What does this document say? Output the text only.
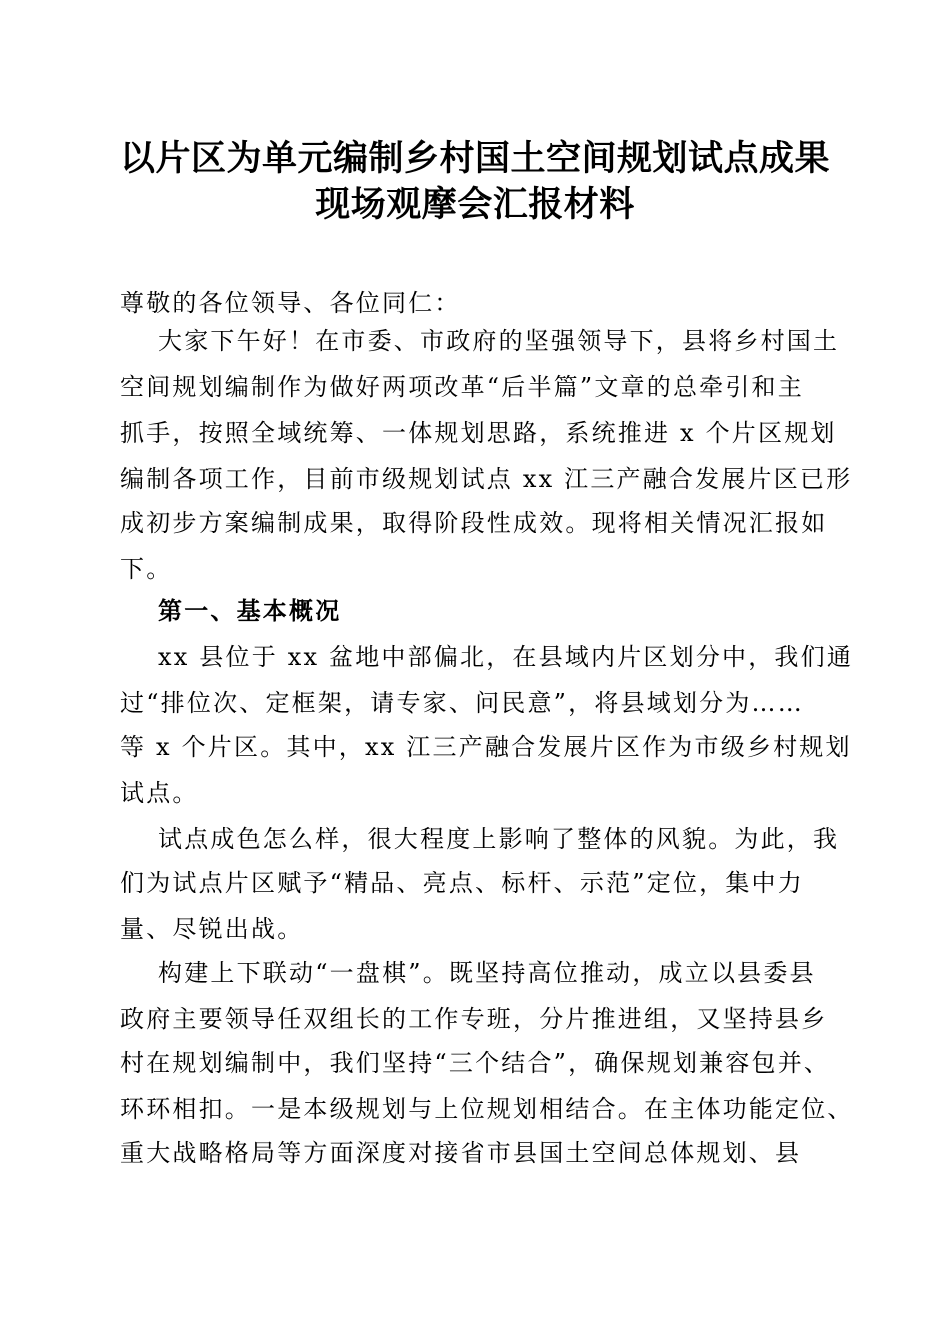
以片区为单元编制乡村国土空间规划试点成果
现场观摩会汇报材料
尊敬的各位领导、各位同仁：
大家下午好！在市委、市政府的坚强领导下，县将乡村国土
空间规划编制作为做好两项改革“后半篇”文章的总牵引和主
抓手，按照全域统筹、一体规划思路，系统推进 x 个片区规划
编制各项工作，目前市级规划试点 xx 江三产融合发展片区已形
成初步方案编制成果，取得阶段性成效。现将相关情况汇报如
下。
第一、基本概况
xx 县位于 xx 盆地中部偏北，在县域内片区划分中，我们通
过“排位次、定框架，请专家、问民意”，将县域划分为……
等 x 个片区。其中，xx 江三产融合发展片区作为市级乡村规划
试点。
试点成色怎么样，很大程度上影响了整体的风貌。为此，我
们为试点片区赋予“精品、亮点、标杆、示范”定位，集中力
量、尽锐出战。
构建上下联动“一盘棋”。既坚持高位推动，成立以县委县
政府主要领导任双组长的工作专班，分片推进组，又坚持县乡
村在规划编制中，我们坚持“三个结合”，确保规划兼容包并、
环环相扣。一是本级规划与上位规划相结合。在主体功能定位、
重大战略格局等方面深度对接省市县国土空间总体规划、县
